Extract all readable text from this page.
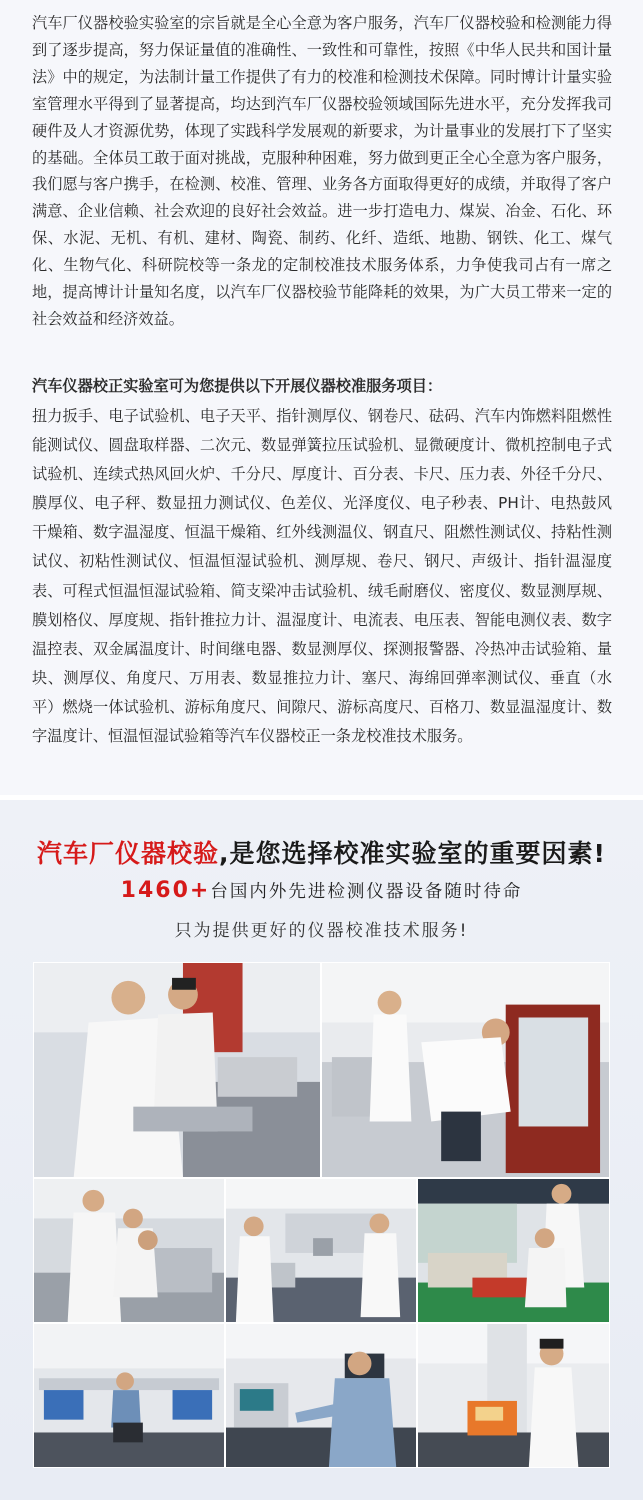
汽车厂仪器校验实验室的宗旨就是全心全意为客户服务，汽车厂仪器校验和检测能力得到了逐步提高，努力保证量值的准确性、一致性和可靠性，按照《中华人民共和国计量法》中的规定，为法制计量工作提供了有力的校准和检测技术保障。同时博计计量实验室管理水平得到了显著提高，均达到汽车厂仪器校验领域国际先进水平，充分发挥我司硬件及人才资源优势，体现了实践科学发展观的新要求，为计量事业的发展打下了坚实的基础。全体员工敢于面对挑战，克服种种困难，努力做到更正全心全意为客户服务，我们愿与客户携手，在检测、校准、管理、业务各方面取得更好的成绩，并取得了客户满意、企业信赖、社会欢迎的良好社会效益。进一步打造电力、煤炭、冶金、石化、环保、水泥、无机、有机、建材、陶瓷、制药、化纤、造纸、地勘、钢铁、化工、煤气化、生物气化、科研院校等一条龙的定制校准技术服务体系，力争使我司占有一席之地，提高博计计量知名度，以汽车厂仪器校验节能降耗的效果，为广大员工带来一定的社会效益和经济效益。

汽车仪器校正实验室可为您提供以下开展仪器校准服务项目：

扭力扳手、电子试验机、电子天平、指针测厚仪、钢卷尺、砝码、汽车内饰燃料阻燃性能测试仪、圆盘取样器、二次元、数显弹簧拉压试验机、显微硬度计、微机控制电子式试验机、连续式热风回火炉、千分尺、厚度计、百分表、卡尺、压力表、外径千分尺、膜厚仪、电子秤、数显扭力测试仪、色差仪、光泽度仪、电子秒表、PH计、电热鼓风干燥箱、数字温湿度、恒温干燥箱、红外线测温仪、钢直尺、阻燃性测试仪、持粘性测试仪、初粘性测试仪、恒温恒湿试验机、测厚规、卷尺、钢尺、声级计、指针温湿度表、可程式恒温恒湿试验箱、简支梁冲击试验机、绒毛耐磨仪、密度仪、数显测厚规、膜划格仪、厚度规、指针推拉力计、温湿度计、电流表、电压表、智能电测仪表、数字温控表、双金属温度计、时间继电器、数显测厚仪、探测报警器、冷热冲击试验箱、量块、测厚仪、角度尺、万用表、数显推拉力计、塞尺、海绵回弹率测试仪、垂直（水平）燃烧一体试验机、游标角度尺、间隙尺、游标高度尺、百格刀、数显温湿度计、数字温度计、恒温恒湿试验箱等汽车仪器校正一条龙校准技术服务。

汽车厂仪器校验,是您选择校准实验室的重要因素!

1460+台国内外先进检测仪器设备随时待命

只为提供更好的仪器校准技术服务!
